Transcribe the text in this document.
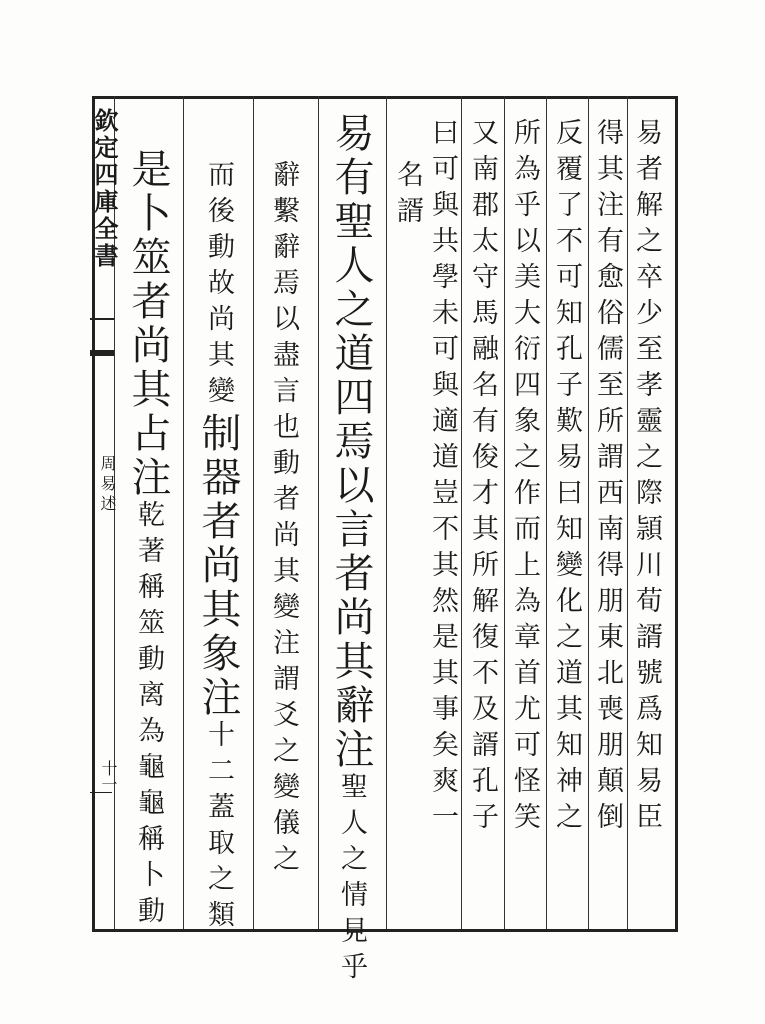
欽定四庫全書
周易述
十一	易者解之卒少至孝靈之際頴川荀諝號爲知易臣
得其注有愈俗儒至所謂西南得朋東北喪朋顛倒
反覆了不可知孔子歎易曰知變化之道其知神之
所為乎以美大衍四象之作而上為章首尤可怪笑
又南郡太守馬融名有俊才其所解復不及諝孔子
曰可與共學未可與適道豈不其然是其事矣爽一
名諝
易有聖人之道四焉以言者尚其辭注聖人之情見乎
辭繫辭焉以盡言也動者尚其變注謂爻之變儀之
而後動故尚其變制器者尚其象注十二蓋取之類
是卜筮者尚其占注乾著稱筮動离為龜龜稱卜動
